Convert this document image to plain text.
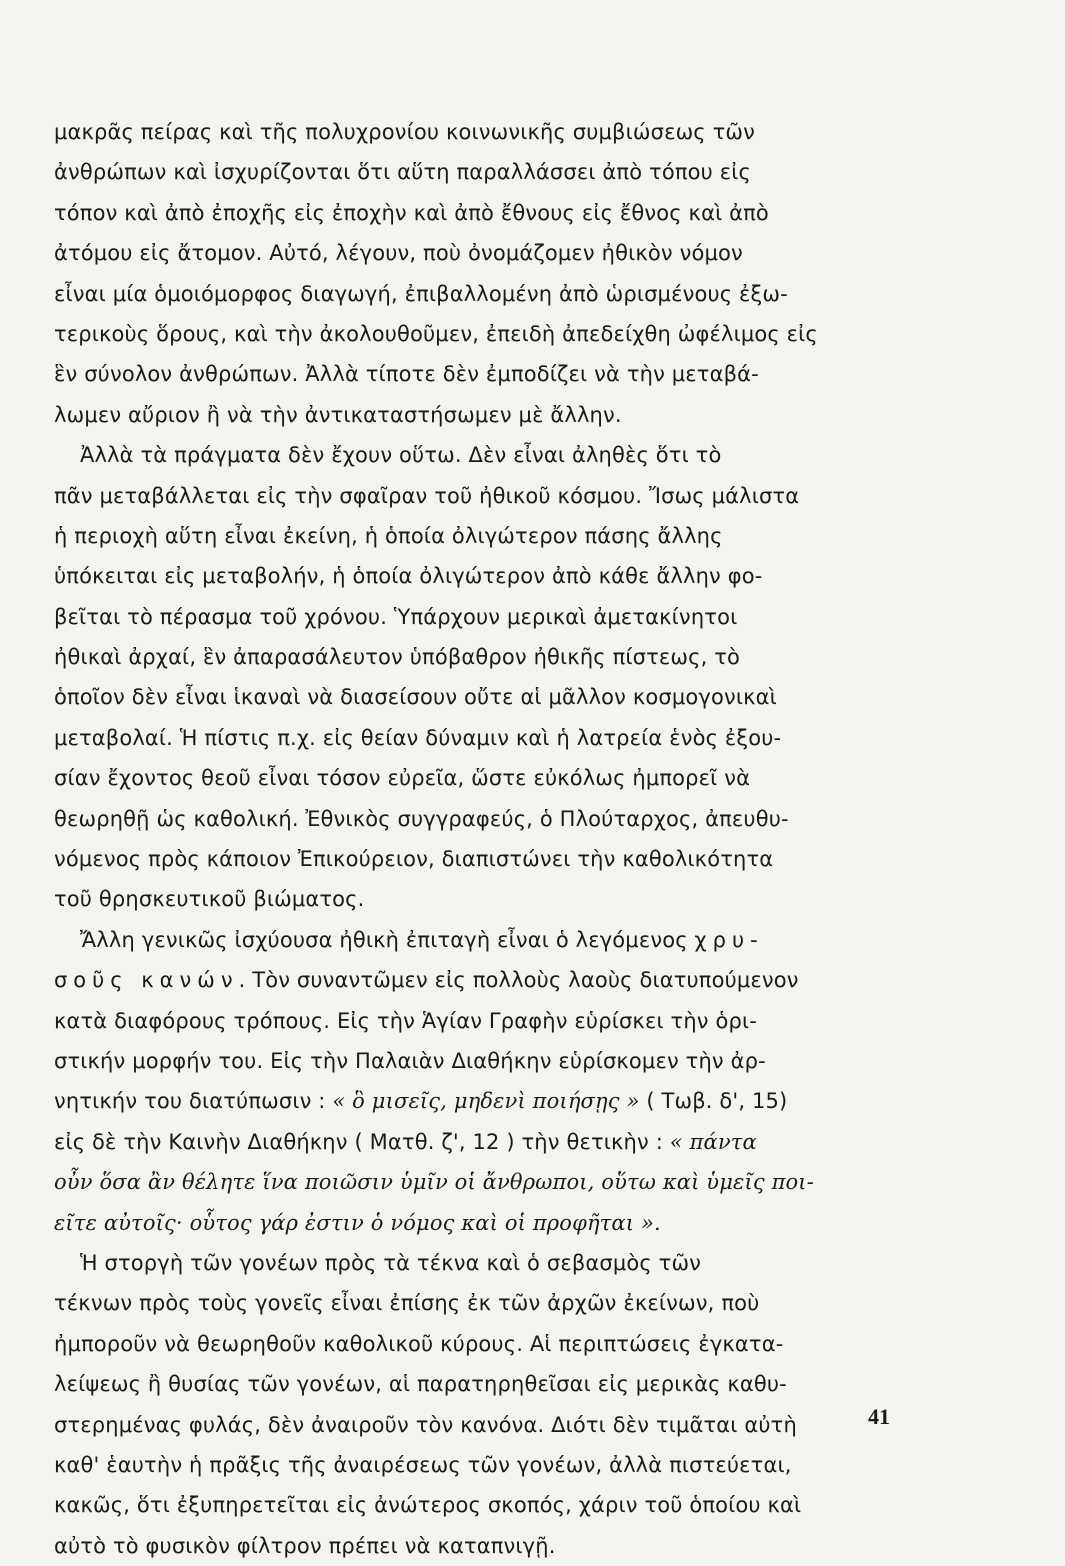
μακρᾶς πείρας καὶ τῆς πολυχρονίου κοινωνικῆς συμβιώσεως τῶν
ἀνθρώπων καὶ ἰσχυρίζονται ὅτι αὕτη παραλλάσσει ἀπὸ τόπου εἰς
τόπον καὶ ἀπὸ ἐποχῆς εἰς ἐποχὴν καὶ ἀπὸ ἔθνους εἰς ἔθνος καὶ ἀπὸ
ἀτόμου εἰς ἄτομον. Αὐτό, λέγουν, ποὺ ὀνομάζομεν ἠθικὸν νόμον
εἶναι μία ὁμοιόμορφος διαγωγή, ἐπιβαλλομένη ἀπὸ ὡρισμένους ἐξω-
τερικοὺς ὅρους, καὶ τὴν ἀκολουθοῦμεν, ἐπειδὴ ἀπεδείχθη ὠφέλιμος εἰς
ἓν σύνολον ἀνθρώπων. Ἀλλὰ τίποτε δὲν ἐμποδίζει νὰ τὴν μεταβά-
λωμεν αὔριον ἢ νὰ τὴν ἀντικαταστήσωμεν μὲ ἄλλην.
Ἀλλὰ τὰ πράγματα δὲν ἔχουν οὕτω. Δὲν εἶναι ἀληθὲς ὅτι τὸ
πᾶν μεταβάλλεται εἰς τὴν σφαῖραν τοῦ ἠθικοῦ κόσμου. Ἴσως μάλιστα
ἡ περιοχὴ αὕτη εἶναι ἐκείνη, ἡ ὁποία ὀλιγώτερον πάσης ἄλλης
ὑπόκειται εἰς μεταβολήν, ἡ ὁποία ὀλιγώτερον ἀπὸ κάθε ἄλλην φο-
βεῖται τὸ πέρασμα τοῦ χρόνου. Ὑπάρχουν μερικαὶ ἀμετακίνητοι
ἠθικαὶ ἀρχαί, ἓν ἀπαρασάλευτον ὑπόβαθρον ἠθικῆς πίστεως, τὸ
ὁποῖον δὲν εἶναι ἱκαναὶ νὰ διασείσουν οὔτε αἱ μᾶλλον κοσμογονικαὶ
μεταβολαί. Ἡ πίστις π.χ. εἰς θείαν δύναμιν καὶ ἡ λατρεία ἑνὸς ἐξου-
σίαν ἔχοντος θεοῦ εἶναι τόσον εὐρεῖα, ὥστε εὐκόλως ἠμπορεῖ νὰ
θεωρηθῇ ὡς καθολική. Ἐθνικὸς συγγραφεύς, ὁ Πλούταρχος, ἀπευθυ-
νόμενος πρὸς κάποιον Ἐπικούρειον, διαπιστώνει τὴν καθολικότητα
τοῦ θρησκευτικοῦ βιώματος.
Ἄλλη γενικῶς ἰσχύουσα ἠθικὴ ἐπιταγὴ εἶναι ὁ λεγόμενος χρυ-
σοῦς κανών. Τὸν συναντῶμεν εἰς πολλοὺς λαοὺς διατυπούμενον
κατὰ διαφόρους τρόπους. Εἰς τὴν Ἁγίαν Γραφὴν εὑρίσκει τὴν ὁρι-
στικήν μορφήν του. Εἰς τὴν Παλαιὰν Διαθήκην εὑρίσκομεν τὴν ἀρ-
νητικήν του διατύπωσιν : « ὃ μισεῖς, μηδενὶ ποιήσῃς » ( Τωβ. δ', 15)
εἰς δὲ τὴν Καινὴν Διαθήκην ( Ματθ. ζ', 12 ) τὴν θετικὴν : « πάντα
οὖν ὅσα ἂν θέλητε ἵνα ποιῶσιν ὑμῖν οἱ ἄνθρωποι, οὕτω καὶ ὑμεῖς ποι-
εῖτε αὐτοῖς· οὗτος γάρ ἐστιν ὁ νόμος καὶ οἱ προφῆται ».
Ἡ στοργὴ τῶν γονέων πρὸς τὰ τέκνα καὶ ὁ σεβασμὸς τῶν
τέκνων πρὸς τοὺς γονεῖς εἶναι ἐπίσης ἐκ τῶν ἀρχῶν ἐκείνων, ποὺ
ἠμποροῦν νὰ θεωρηθοῦν καθολικοῦ κύρους. Αἱ περιπτώσεις ἐγκατα-
λείψεως ἢ θυσίας τῶν γονέων, αἱ παρατηρηθεῖσαι εἰς μερικὰς καθυ-
στερημένας φυλάς, δὲν ἀναιροῦν τὸν κανόνα. Διότι δὲν τιμᾶται αὐτὴ
καθ' ἑαυτὴν ἡ πρᾶξις τῆς ἀναιρέσεως τῶν γονέων, ἀλλὰ πιστεύεται,
κακῶς, ὅτι ἐξυπηρετεῖται εἰς ἀνώτερος σκοπός, χάριν τοῦ ὁποίου καὶ
αὐτὸ τὸ φυσικὸν φίλτρον πρέπει νὰ καταπνιγῇ.
41
